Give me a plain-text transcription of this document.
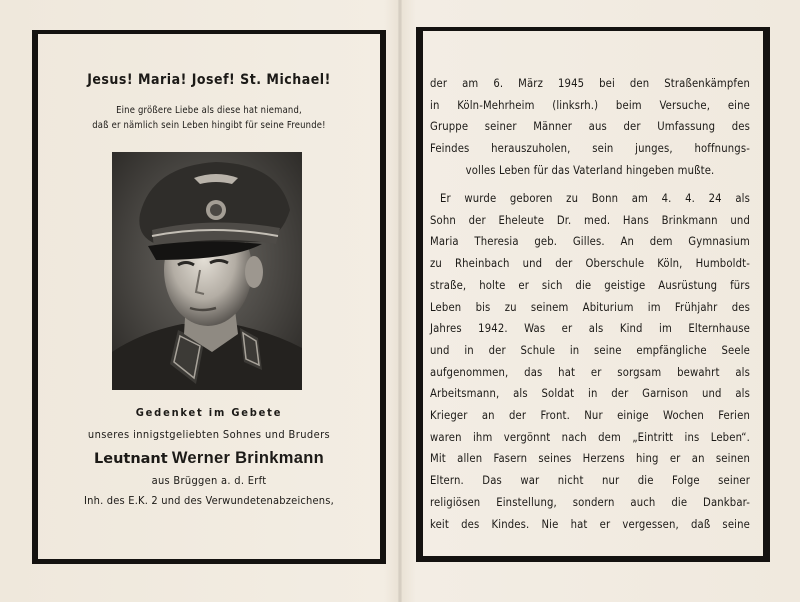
Jesus! Maria! Josef! St. Michael!
Eine größere Liebe als diese hat niemand,
daß er nämlich sein Leben hingibt für seine Freunde!
Gedenket im Gebete
unseres innigstgeliebten Sohnes und Bruders
Leutnant Werner Brinkmann
aus Brüggen a. d. Erft
Inh. des E.K. 2 und des Verwundetenabzeichens,
der am 6. März 1945 bei den Straßenkämpfen
in Köln-Mehrheim (linksrh.) beim Versuche, eine
Gruppe seiner Männer aus der Umfassung des
Feindes herauszuholen, sein junges, hoffnungs-
volles Leben für das Vaterland hingeben mußte.
Er wurde geboren zu Bonn am 4. 4. 24 als
Sohn der Eheleute Dr. med. Hans Brinkmann und
Maria Theresia geb. Gilles. An dem Gymnasium
zu Rheinbach und der Oberschule Köln, Humboldt-
straße, holte er sich die geistige Ausrüstung fürs
Leben bis zu seinem Abiturium im Frühjahr des
Jahres 1942. Was er als Kind im Elternhause
und in der Schule in seine empfängliche Seele
aufgenommen, das hat er sorgsam bewahrt als
Arbeitsmann, als Soldat in der Garnison und als
Krieger an der Front. Nur einige Wochen Ferien
waren ihm vergönnt nach dem „Eintritt ins Leben“.
Mit allen Fasern seines Herzens hing er an seinen
Eltern. Das war nicht nur die Folge seiner
religiösen Einstellung, sondern auch die Dankbar-
keit des Kindes. Nie hat er vergessen, daß seine
